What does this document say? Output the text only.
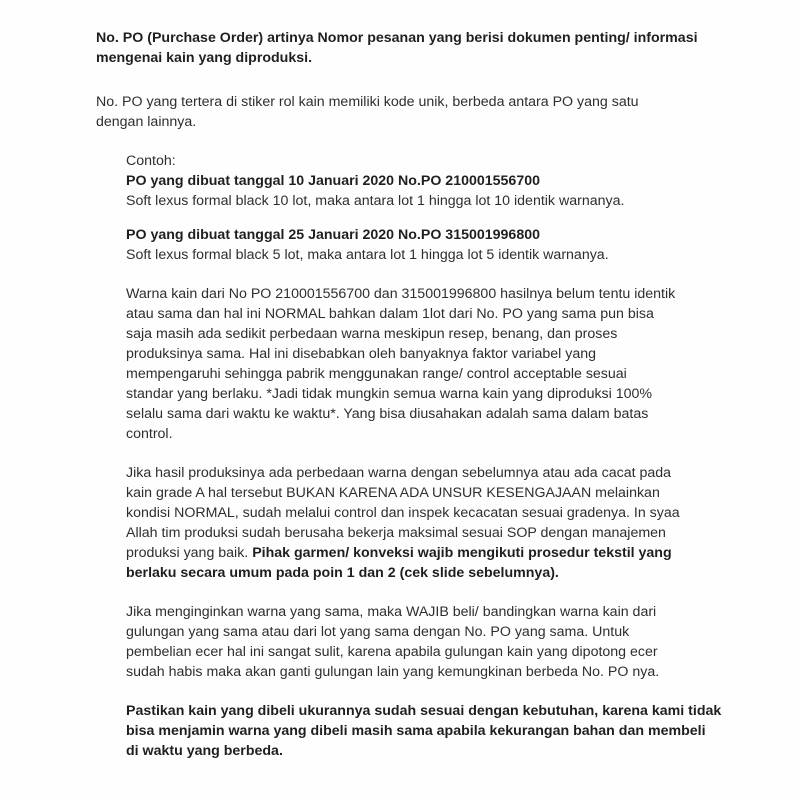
No. PO (Purchase Order) artinya Nomor pesanan yang berisi dokumen penting/ informasi
mengenai kain yang diproduksi.
No. PO yang tertera di stiker rol kain memiliki kode unik, berbeda antara PO yang satu
dengan lainnya.
Contoh:
PO yang dibuat tanggal 10 Januari 2020 No.PO 210001556700
Soft lexus formal black 10 lot, maka antara lot 1 hingga lot 10 identik warnanya.
PO yang dibuat tanggal 25 Januari 2020 No.PO 315001996800
Soft lexus formal black 5 lot, maka antara lot 1 hingga lot 5 identik warnanya.
Warna kain dari No PO 210001556700 dan 315001996800 hasilnya belum tentu identik
atau sama dan hal ini NORMAL bahkan dalam 1lot dari No. PO yang sama pun bisa
saja masih ada sedikit perbedaan warna meskipun resep, benang, dan proses
produksinya sama. Hal ini disebabkan oleh banyaknya faktor variabel yang
mempengaruhi sehingga pabrik menggunakan range/ control acceptable sesuai
standar yang berlaku. *Jadi tidak mungkin semua warna kain yang diproduksi 100%
selalu sama dari waktu ke waktu*. Yang bisa diusahakan adalah sama dalam batas
control.
Jika hasil produksinya ada perbedaan warna dengan sebelumnya atau ada cacat pada
kain grade A hal tersebut BUKAN KARENA ADA UNSUR KESENGAJAAN melainkan
kondisi NORMAL, sudah melalui control dan inspek kecacatan sesuai gradenya. In syaa
Allah tim produksi sudah berusaha bekerja maksimal sesuai SOP dengan manajemen
produksi yang baik. Pihak garmen/ konveksi wajib mengikuti prosedur tekstil yang
berlaku secara umum pada poin 1 dan 2 (cek slide sebelumnya).
Jika menginginkan warna yang sama, maka WAJIB beli/ bandingkan warna kain dari
gulungan yang sama atau dari lot yang sama dengan No. PO yang sama. Untuk
pembelian ecer hal ini sangat sulit, karena apabila gulungan kain yang dipotong ecer
sudah habis maka akan ganti gulungan lain yang kemungkinan berbeda No. PO nya.
Pastikan kain yang dibeli ukurannya sudah sesuai dengan kebutuhan, karena kami tidak
bisa menjamin warna yang dibeli masih sama apabila kekurangan bahan dan membeli
di waktu yang berbeda.
